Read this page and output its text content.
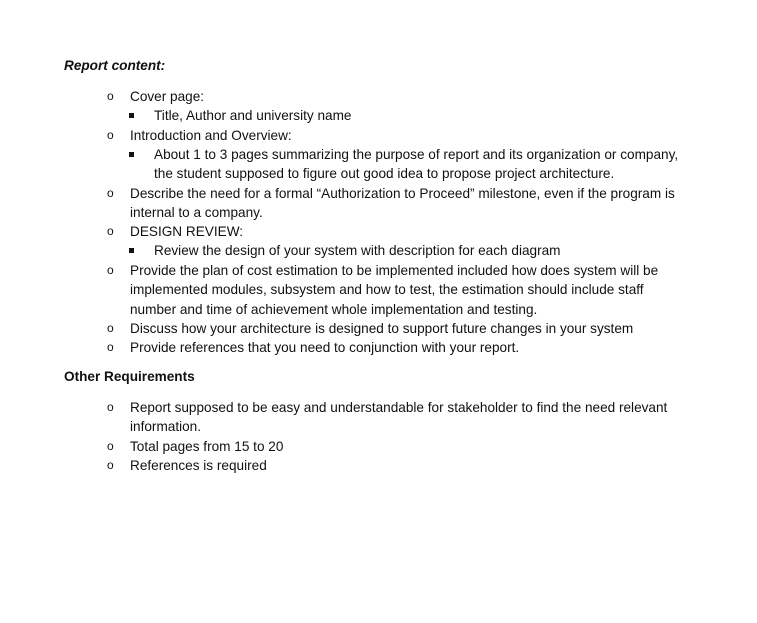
Report content:
o Cover page:
Title, Author and university name
o Introduction and Overview:
About 1 to 3 pages summarizing the purpose of report and its organization or company, the student supposed to figure out good idea to propose project architecture.
o Describe the need for a formal “Authorization to Proceed” milestone, even if the program is internal to a company.
o DESIGN REVIEW:
Review the design of your system with description for each diagram
o Provide the plan of cost estimation to be implemented included how does system will be implemented modules, subsystem and how to test, the estimation should include staff number and time of achievement whole implementation and testing.
o Discuss how your architecture is designed to support future changes in your system
o Provide references that you need to conjunction with your report.
Other Requirements
o Report supposed to be easy and understandable for stakeholder to find the need relevant information.
o Total pages from 15 to 20
o References is required
